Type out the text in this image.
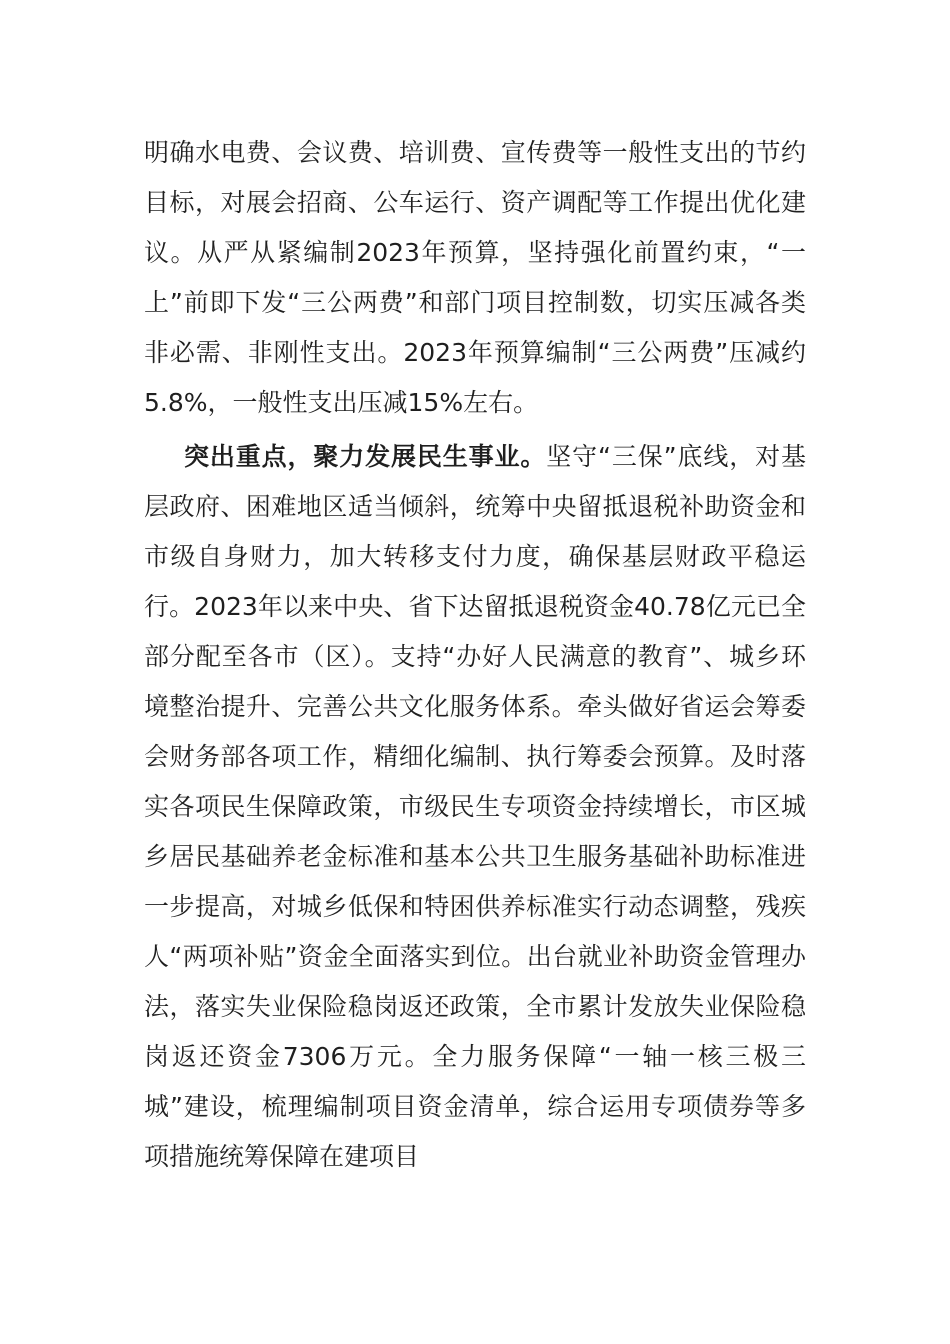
明确水电费、会议费、培训费、宣传费等一般性支出的节约目标，对展会招商、公车运行、资产调配等工作提出优化建议。从严从紧编制2023年预算，坚持强化前置约束，“一上”前即下发“三公两费”和部门项目控制数，切实压减各类非必需、非刚性支出。2023年预算编制“三公两费”压减约5.8%，一般性支出压减15%左右。

突出重点，聚力发展民生事业。坚守“三保”底线，对基层政府、困难地区适当倾斜，统筹中央留抵退税补助资金和市级自身财力，加大转移支付力度，确保基层财政平稳运行。2023年以来中央、省下达留抵退税资金40.78亿元已全部分配至各市（区）。支持“办好人民满意的教育”、城乡环境整治提升、完善公共文化服务体系。牵头做好省运会筹委会财务部各项工作，精细化编制、执行筹委会预算。及时落实各项民生保障政策，市级民生专项资金持续增长，市区城乡居民基础养老金标准和基本公共卫生服务基础补助标准进一步提高，对城乡低保和特困供养标准实行动态调整，残疾人“两项补贴”资金全面落实到位。出台就业补助资金管理办法，落实失业保险稳岗返还政策，全市累计发放失业保险稳岗返还资金7306万元。全力服务保障“一轴一核三极三城”建设，梳理编制项目资金清单，综合运用专项债券等多项措施统筹保障在建项目
